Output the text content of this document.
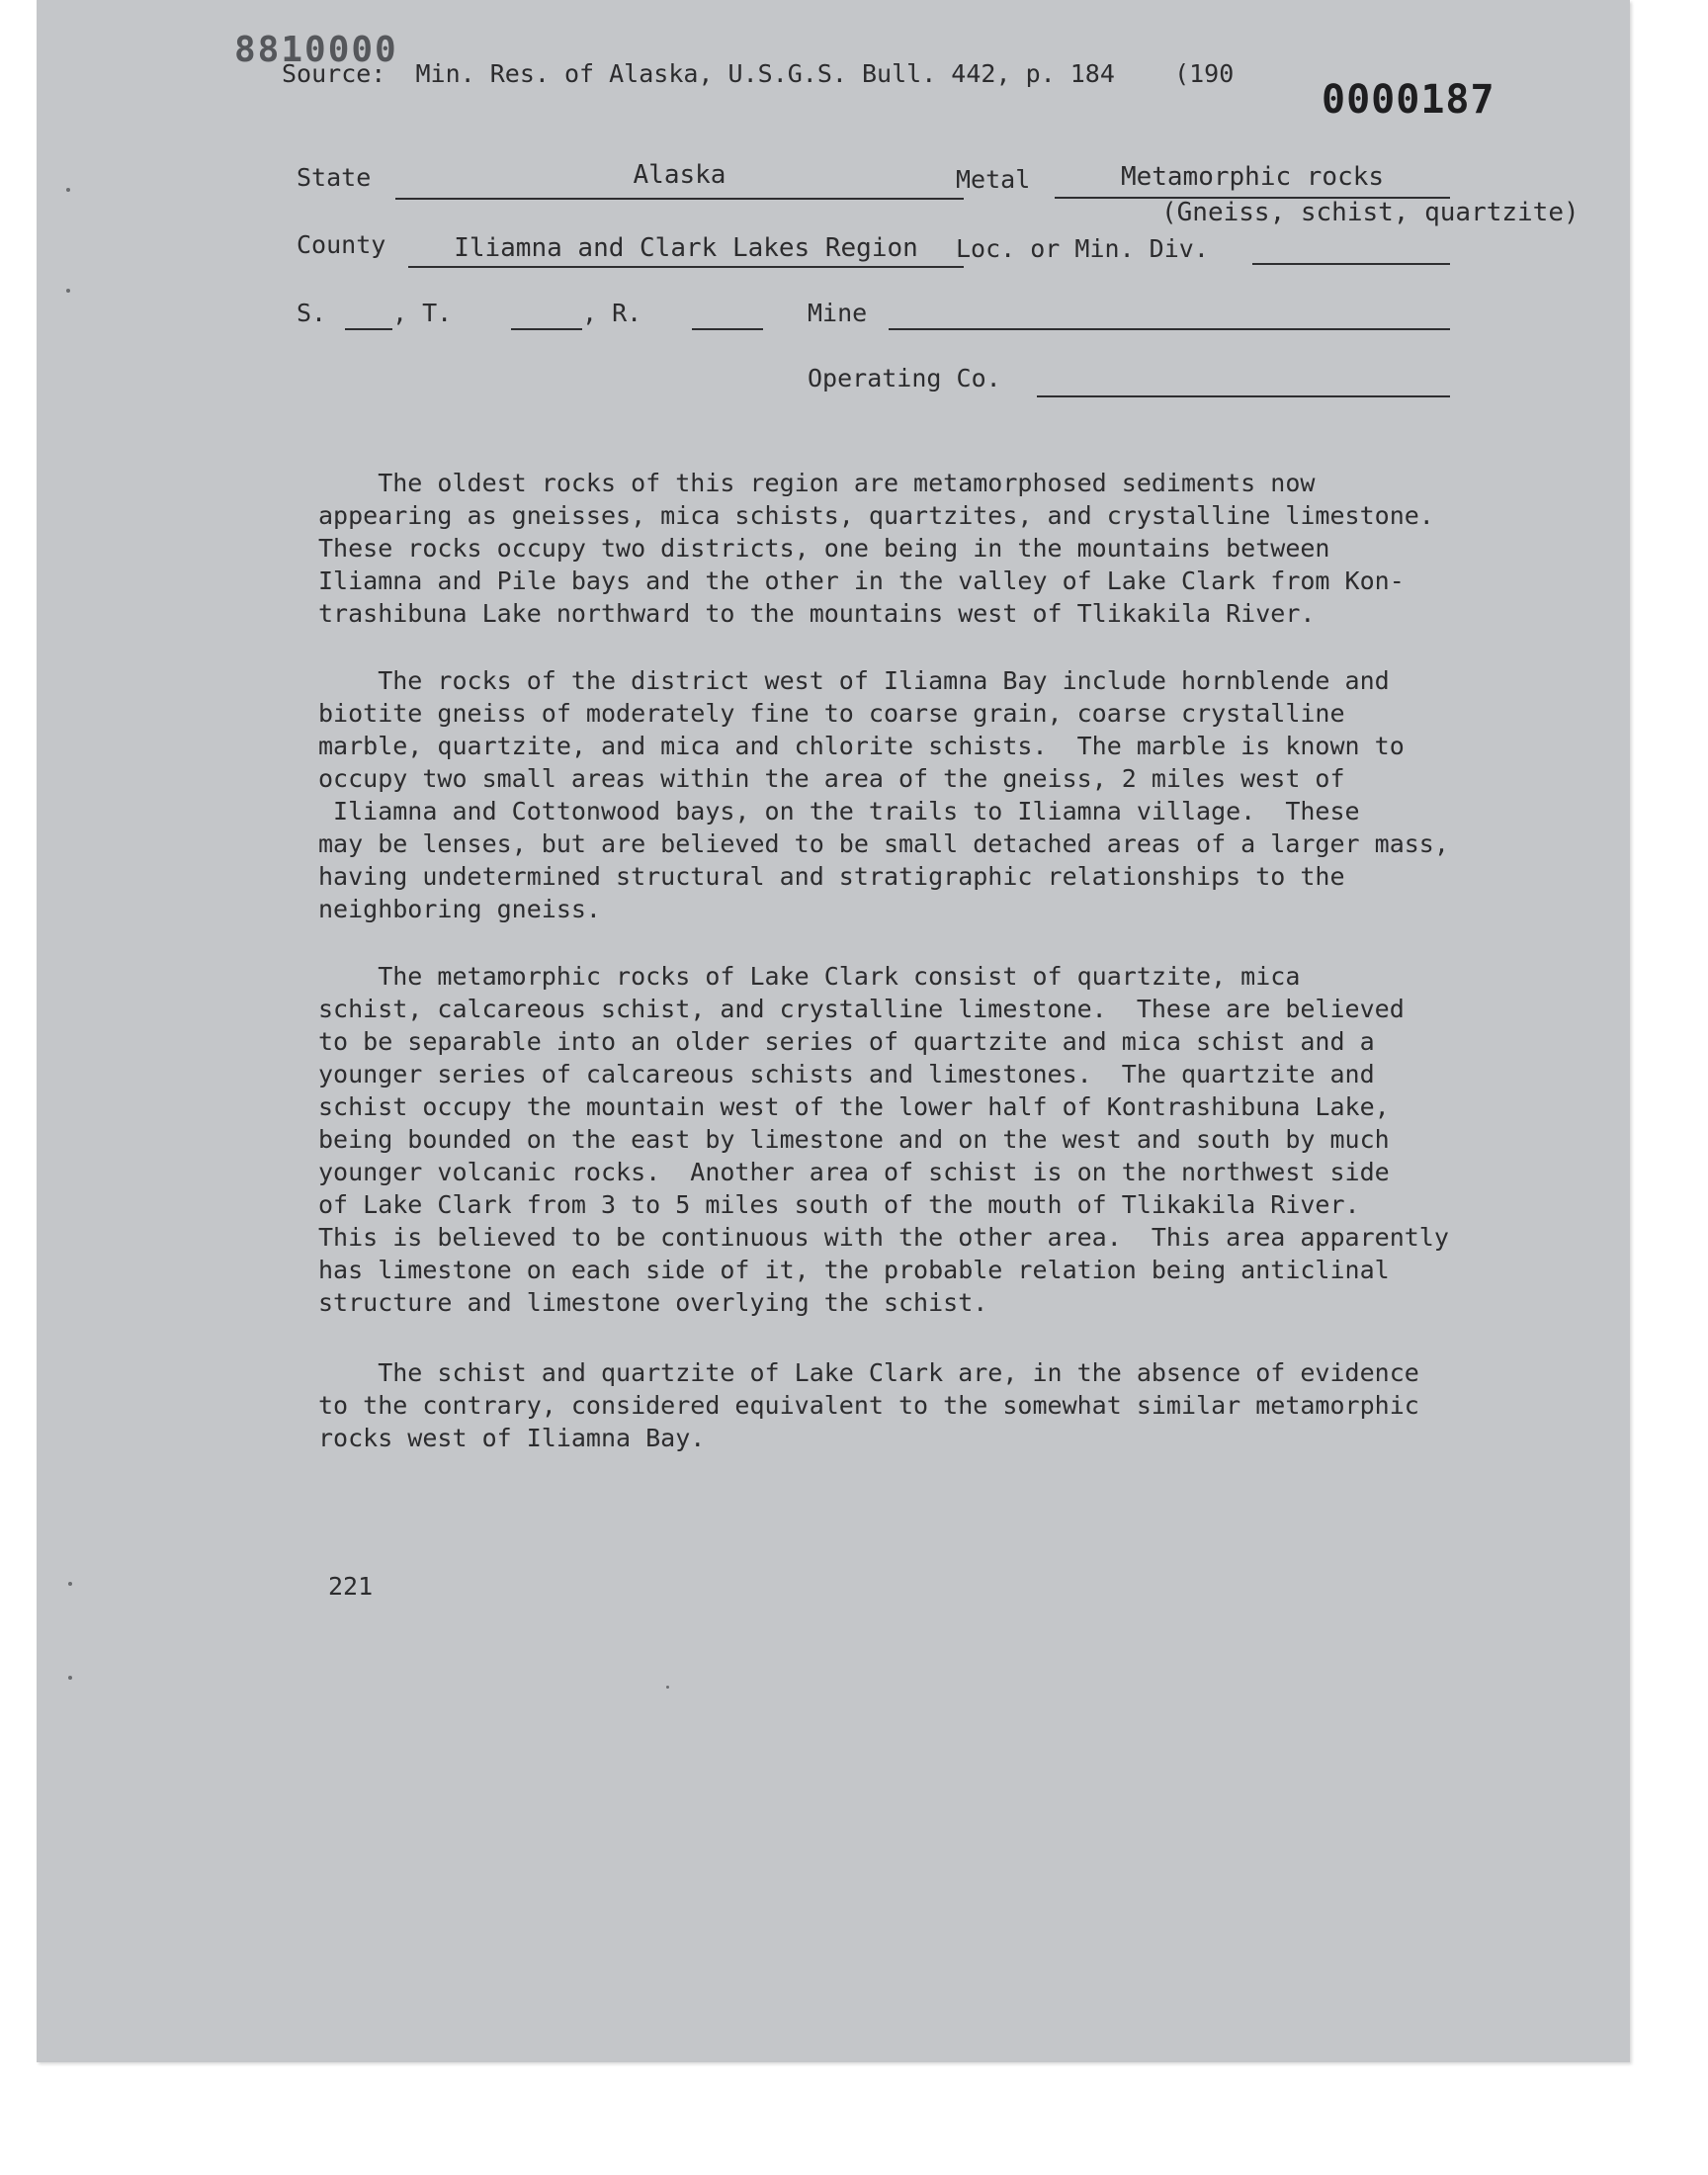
8810000
Source:  Min. Res. of Alaska, U.S.G.S. Bull. 442, p. 184    (190
0000187
State	Alaska	Metal	Metamorphic rocks
(Gneiss, schist, quartzite)
County	Iliamna and Clark Lakes Region	Loc. or Min. Div.
S.	, T.	, R.	Mine
Operating Co.
The oldest rocks of this region are metamorphosed sediments now
appearing as gneisses, mica schists, quartzites, and crystalline limestone.
These rocks occupy two districts, one being in the mountains between
Iliamna and Pile bays and the other in the valley of Lake Clark from Kon-
trashibuna Lake northward to the mountains west of Tlikakila River.
The rocks of the district west of Iliamna Bay include hornblende and
biotite gneiss of moderately fine to coarse grain, coarse crystalline
marble, quartzite, and mica and chlorite schists.  The marble is known to
occupy two small areas within the area of the gneiss, 2 miles west of
Iliamna and Cottonwood bays, on the trails to Iliamna village.  These
may be lenses, but are believed to be small detached areas of a larger mass,
having undetermined structural and stratigraphic relationships to the
neighboring gneiss.
The metamorphic rocks of Lake Clark consist of quartzite, mica
schist, calcareous schist, and crystalline limestone.  These are believed
to be separable into an older series of quartzite and mica schist and a
younger series of calcareous schists and limestones.  The quartzite and
schist occupy the mountain west of the lower half of Kontrashibuna Lake,
being bounded on the east by limestone and on the west and south by much
younger volcanic rocks.  Another area of schist is on the northwest side
of Lake Clark from 3 to 5 miles south of the mouth of Tlikakila River.
This is believed to be continuous with the other area.  This area apparently
has limestone on each side of it, the probable relation being anticlinal
structure and limestone overlying the schist.
The schist and quartzite of Lake Clark are, in the absence of evidence
to the contrary, considered equivalent to the somewhat similar metamorphic
rocks west of Iliamna Bay.
221
